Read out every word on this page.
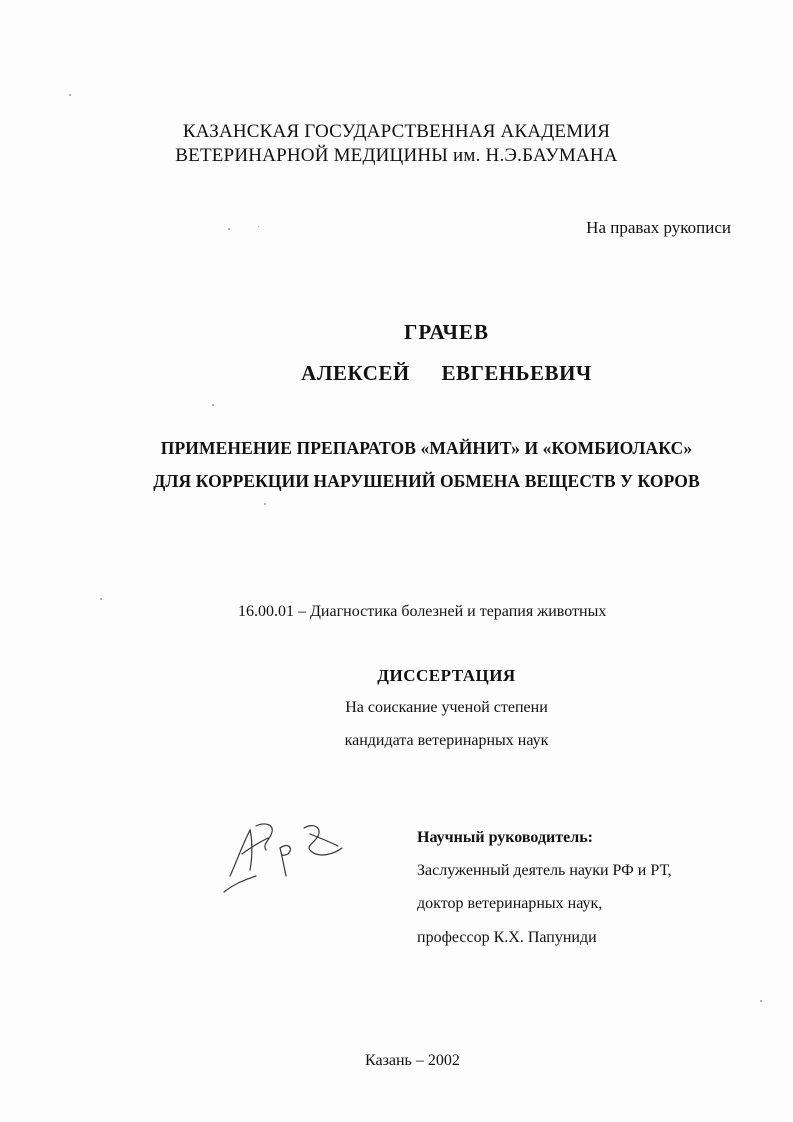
КАЗАНСКАЯ ГОСУДАРСТВЕННАЯ АКАДЕМИЯ
ВЕТЕРИНАРНОЙ МЕДИЦИНЫ им. Н.Э.БАУМАНА
На правах рукописи
ГРАЧЕВ
АЛЕКСЕЙ ЕВГЕНЬЕВИЧ
ПРИМЕНЕНИЕ ПРЕПАРАТОВ «МАЙНИТ» И «КОМБИОЛАКС»
ДЛЯ КОРРЕКЦИИ НАРУШЕНИЙ ОБМЕНА ВЕЩЕСТВ У КОРОВ
16.00.01 – Диагностика болезней и терапия животных
ДИССЕРТАЦИЯ
На соискание ученой степени
кандидата ветеринарных наук
Научный руководитель:
Заслуженный деятель науки РФ и РТ,
доктор ветеринарных наук,
профессор К.Х. Папуниди
Казань – 2002
